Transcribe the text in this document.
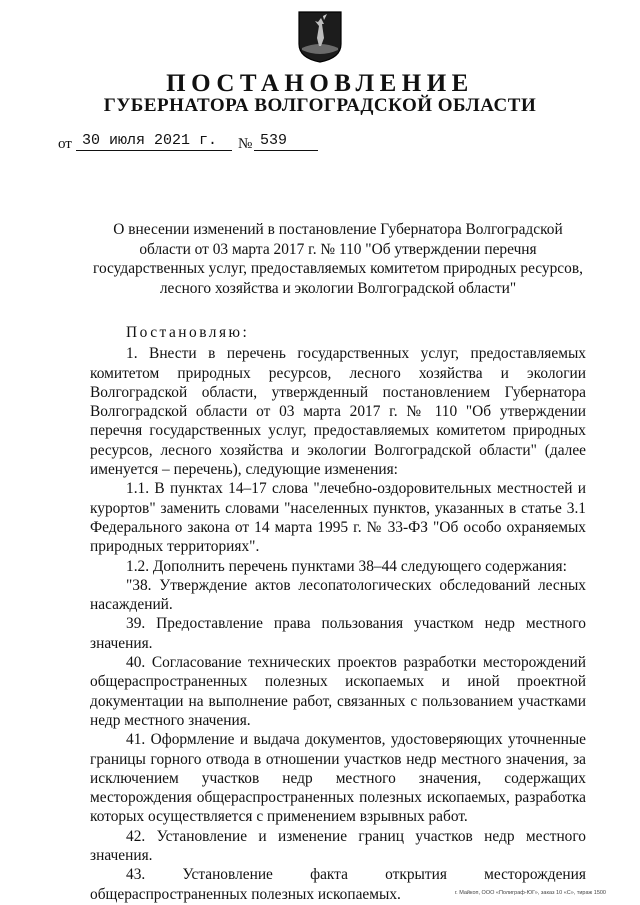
ПОСТАНОВЛЕНИЕ
ГУБЕРНАТОРА ВОЛГОГРАДСКОЙ ОБЛАСТИ
от 30 июля 2021 г.	№ 539
О внесении изменений в постановление Губернатора Волгоградской области от 03 марта 2017 г. № 110 "Об утверждении перечня государственных услуг, предоставляемых комитетом природных ресурсов, лесного хозяйства и экологии Волгоградской области"

Постановляю:

1. Внести в перечень государственных услуг, предоставляемых комитетом природных ресурсов, лесного хозяйства и экологии Волгоградской области, утвержденный постановлением Губернатора Волгоградской области от 03 марта 2017 г. № 110 "Об утверждении перечня государственных услуг, предоставляемых комитетом природных ресурсов, лесного хозяйства и экологии Волгоградской области" (далее именуется – перечень), следующие изменения:

1.1. В пунктах 14–17 слова "лечебно-оздоровительных местностей и курортов" заменить словами "населенных пунктов, указанных в статье 3.1 Федерального закона от 14 марта 1995 г. № 33-ФЗ "Об особо охраняемых природных территориях".

1.2. Дополнить перечень пунктами 38–44 следующего содержания:

"38. Утверждение актов лесопатологических обследований лесных насаждений.

39. Предоставление права пользования участком недр местного значения.

40. Согласование технических проектов разработки месторождений общераспространенных полезных ископаемых и иной проектной документации на выполнение работ, связанных с пользованием участками недр местного значения.

41. Оформление и выдача документов, удостоверяющих уточненные границы горного отвода в отношении участков недр местного значения, за исключением участков недр местного значения, содержащих месторождения общераспространенных полезных ископаемых, разработка которых осуществляется с применением взрывных работ.

42. Установление и изменение границ участков недр местного значения.

43. Установление факта открытия месторождения общераспространенных полезных ископаемых.	г. Майкоп, ООО «Полиграф-ЮГ», заказ 10 «С», тираж 1500
